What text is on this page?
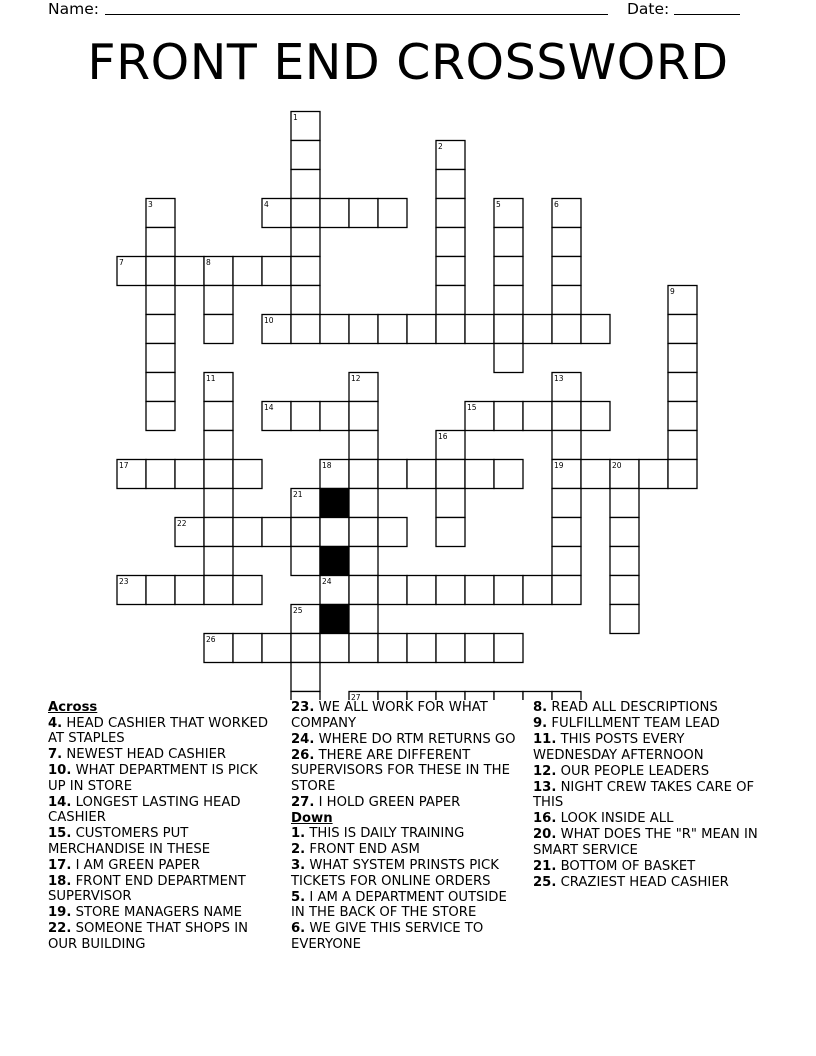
Name:	Date:
FRONT END CROSSWORD
1
2
3	4	5	6
7	8
9
10
11	12	13
14	15
16
17	18	19	20
21
22
23	24
25
26
27
Across
4. HEAD CASHIER THAT WORKED AT STAPLES
7. NEWEST HEAD CASHIER
10. WHAT DEPARTMENT IS PICK UP IN STORE
14. LONGEST LASTING HEAD CASHIER
15. CUSTOMERS PUT MERCHANDISE IN THESE
17. I AM GREEN PAPER
18. FRONT END DEPARTMENT SUPERVISOR
19. STORE MANAGERS NAME
22. SOMEONE THAT SHOPS IN OUR BUILDING
23. WE ALL WORK FOR WHAT COMPANY
24. WHERE DO RTM RETURNS GO
26. THERE ARE DIFFERENT SUPERVISORS FOR THESE IN THE STORE
27. I HOLD GREEN PAPER
Down
1. THIS IS DAILY TRAINING
2. FRONT END ASM
3. WHAT SYSTEM PRINSTS PICK TICKETS FOR ONLINE ORDERS
5. I AM A DEPARTMENT OUTSIDE IN THE BACK OF THE STORE
6. WE GIVE THIS SERVICE TO EVERYONE
8. READ ALL DESCRIPTIONS
9. FULFILLMENT TEAM LEAD
11. THIS POSTS EVERY WEDNESDAY AFTERNOON
12. OUR PEOPLE LEADERS
13. NIGHT CREW TAKES CARE OF THIS
16. LOOK INSIDE ALL
20. WHAT DOES THE "R" MEAN IN SMART SERVICE
21. BOTTOM OF BASKET
25. CRAZIEST HEAD CASHIER
